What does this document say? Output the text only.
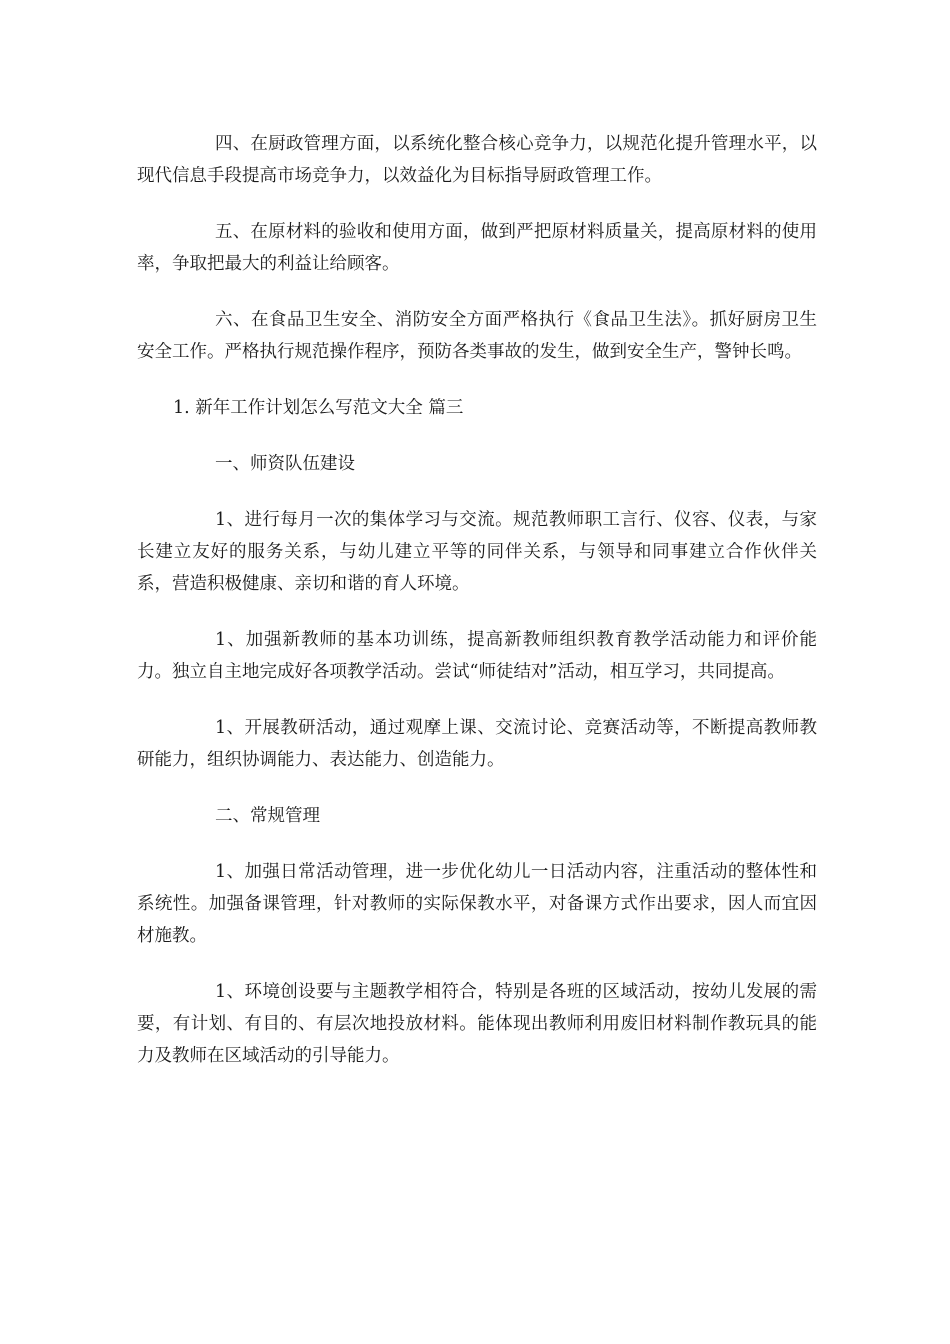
四、在厨政管理方面，以系统化整合核心竞争力，以规范化提升管理水平，以现代信息手段提高市场竞争力，以效益化为目标指导厨政管理工作。

五、在原材料的验收和使用方面，做到严把原材料质量关，提高原材料的使用率，争取把最大的利益让给顾客。

六、在食品卫生安全、消防安全方面严格执行《食品卫生法》。抓好厨房卫生安全工作。严格执行规范操作程序，预防各类事故的发生，做到安全生产，警钟长鸣。

1. 新年工作计划怎么写范文大全 篇三

一、师资队伍建设

1、进行每月一次的集体学习与交流。规范教师职工言行、仪容、仪表，与家长建立友好的服务关系，与幼儿建立平等的同伴关系，与领导和同事建立合作伙伴关系，营造积极健康、亲切和谐的育人环境。

1、加强新教师的基本功训练，提高新教师组织教育教学活动能力和评价能力。独立自主地完成好各项教学活动。尝试“师徒结对”活动，相互学习，共同提高。

1、开展教研活动，通过观摩上课、交流讨论、竞赛活动等，不断提高教师教研能力，组织协调能力、表达能力、创造能力。

二、常规管理

1、加强日常活动管理，进一步优化幼儿一日活动内容，注重活动的整体性和系统性。加强备课管理，针对教师的实际保教水平，对备课方式作出要求，因人而宜因材施教。

1、环境创设要与主题教学相符合，特别是各班的区域活动，按幼儿发展的需要，有计划、有目的、有层次地投放材料。能体现出教师利用废旧材料制作教玩具的能力及教师在区域活动的引导能力。
